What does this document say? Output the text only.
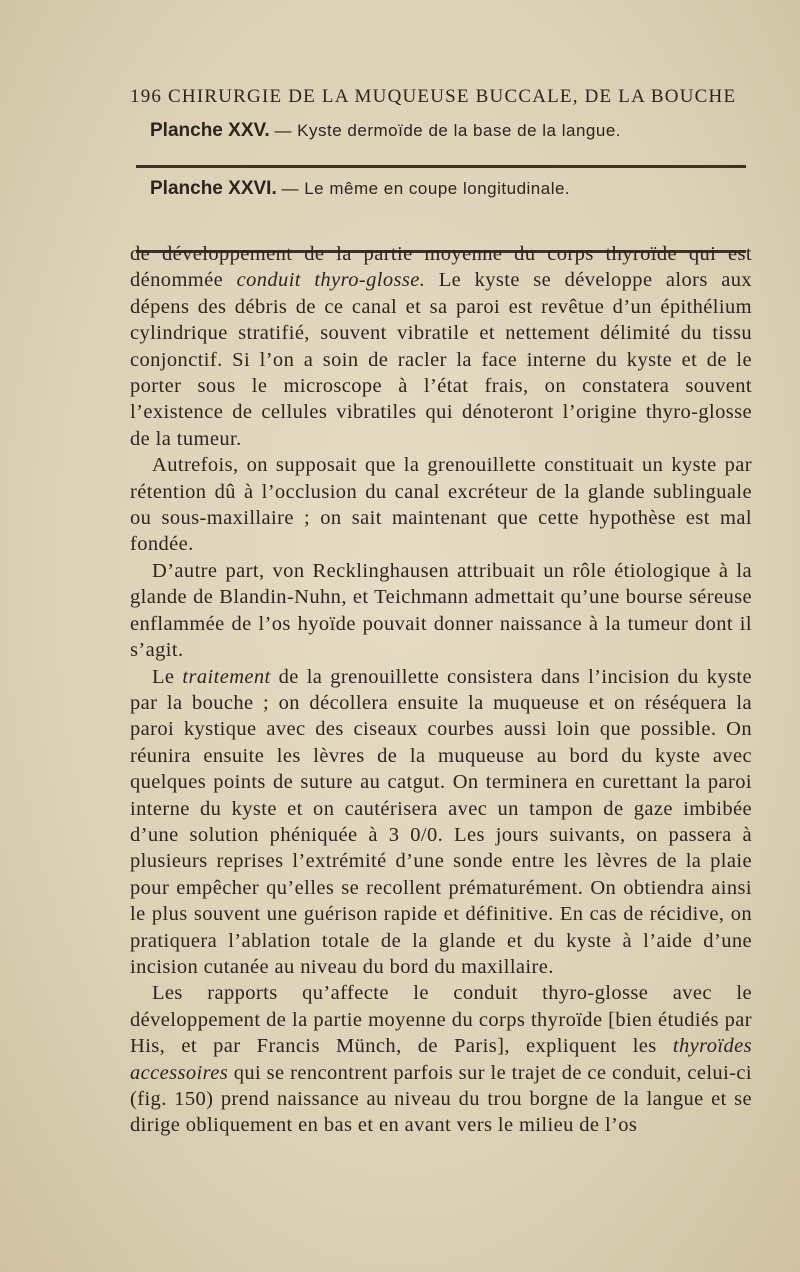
196 CHIRURGIE DE LA MUQUEUSE BUCCALE, DE LA BOUCHE
Planche XXV. — Kyste dermoïde de la base de la langue.
Planche XXVI. — Le même en coupe longitudinale.

de développement de la partie moyenne du corps thyroïde qui est dénommée conduit thyro-glosse. Le kyste se développe alors aux dépens des débris de ce canal et sa paroi est revêtue d’un épithélium cylindrique stratifié, souvent vibratile et nettement délimité du tissu conjonctif. Si l’on a soin de racler la face interne du kyste et de le porter sous le microscope à l’état frais, on constatera souvent l’existence de cellules vibratiles qui dénoteront l’origine thyro-glosse de la tumeur.

Autrefois, on supposait que la grenouillette constituait un kyste par rétention dû à l’occlusion du canal excréteur de la glande sublinguale ou sous-maxillaire ; on sait maintenant que cette hypothèse est mal fondée.

D’autre part, von Recklinghausen attribuait un rôle étiologique à la glande de Blandin-Nuhn, et Teichmann admettait qu’une bourse séreuse enflammée de l’os hyoïde pouvait donner naissance à la tumeur dont il s’agit.

Le traitement de la grenouillette consistera dans l’incision du kyste par la bouche ; on décollera ensuite la muqueuse et on réséquera la paroi kystique avec des ciseaux courbes aussi loin que possible. On réunira ensuite les lèvres de la muqueuse au bord du kyste avec quelques points de suture au catgut. On terminera en curettant la paroi interne du kyste et on cautérisera avec un tampon de gaze imbibée d’une solution phéniquée à 3 0/0. Les jours suivants, on passera à plusieurs reprises l’extrémité d’une sonde entre les lèvres de la plaie pour empêcher qu’elles se recollent prématurément. On obtiendra ainsi le plus souvent une guérison rapide et définitive. En cas de récidive, on pratiquera l’ablation totale de la glande et du kyste à l’aide d’une incision cutanée au niveau du bord du maxillaire.

Les rapports qu’affecte le conduit thyro-glosse avec le développement de la partie moyenne du corps thyroïde [bien étudiés par His, et par Francis Münch, de Paris], expliquent les thyroïdes accessoires qui se rencontrent parfois sur le trajet de ce conduit, celui-ci (fig. 150) prend naissance au niveau du trou borgne de la langue et se dirige obliquement en bas et en avant vers le milieu de l’os
